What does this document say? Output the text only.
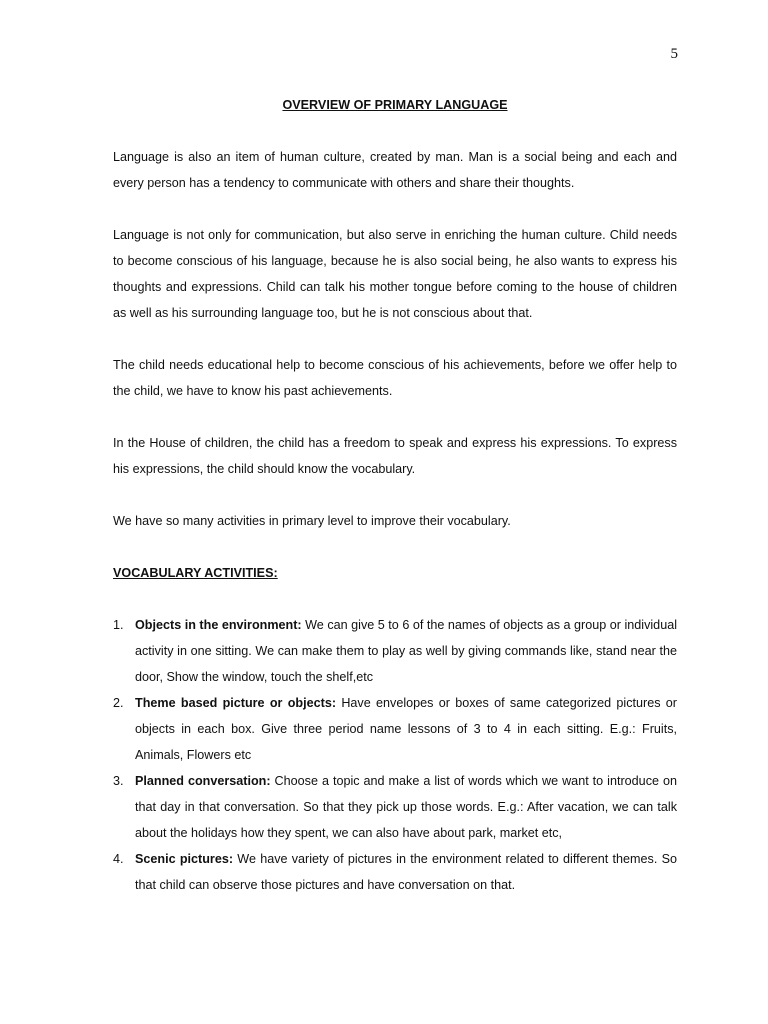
5
OVERVIEW OF PRIMARY LANGUAGE

Language is also an item of human culture, created by man. Man is a social being and each and every person has a tendency to communicate with others and share their thoughts.

Language is not only for communication, but also serve in enriching the human culture. Child needs to become conscious of his language, because he is also social being, he also wants to express his thoughts and expressions. Child can talk his mother tongue before coming to the house of children as well as his surrounding language too, but he is not conscious about that.

The child needs educational help to become conscious of his achievements, before we offer help to the child, we have to know his past achievements.

In the House of children, the child has a freedom to speak and express his expressions. To express his expressions, the child should know the vocabulary.

We have so many activities in primary level to improve their vocabulary.

VOCABULARY ACTIVITIES:
1. Objects in the environment: We can give 5 to 6 of the names of objects as a group or individual activity in one sitting. We can make them to play as well by giving commands like, stand near the door, Show the window, touch the shelf,etc
2. Theme based picture or objects: Have envelopes or boxes of same categorized pictures or objects in each box. Give three period name lessons of 3 to 4 in each sitting. E.g.: Fruits, Animals, Flowers etc
3. Planned conversation: Choose a topic and make a list of words which we want to introduce on that day in that conversation. So that they pick up those words. E.g.: After vacation, we can talk about the holidays how they spent, we can also have about park, market etc,
4. Scenic pictures: We have variety of pictures in the environment related to different themes. So that child can observe those pictures and have conversation on that.
